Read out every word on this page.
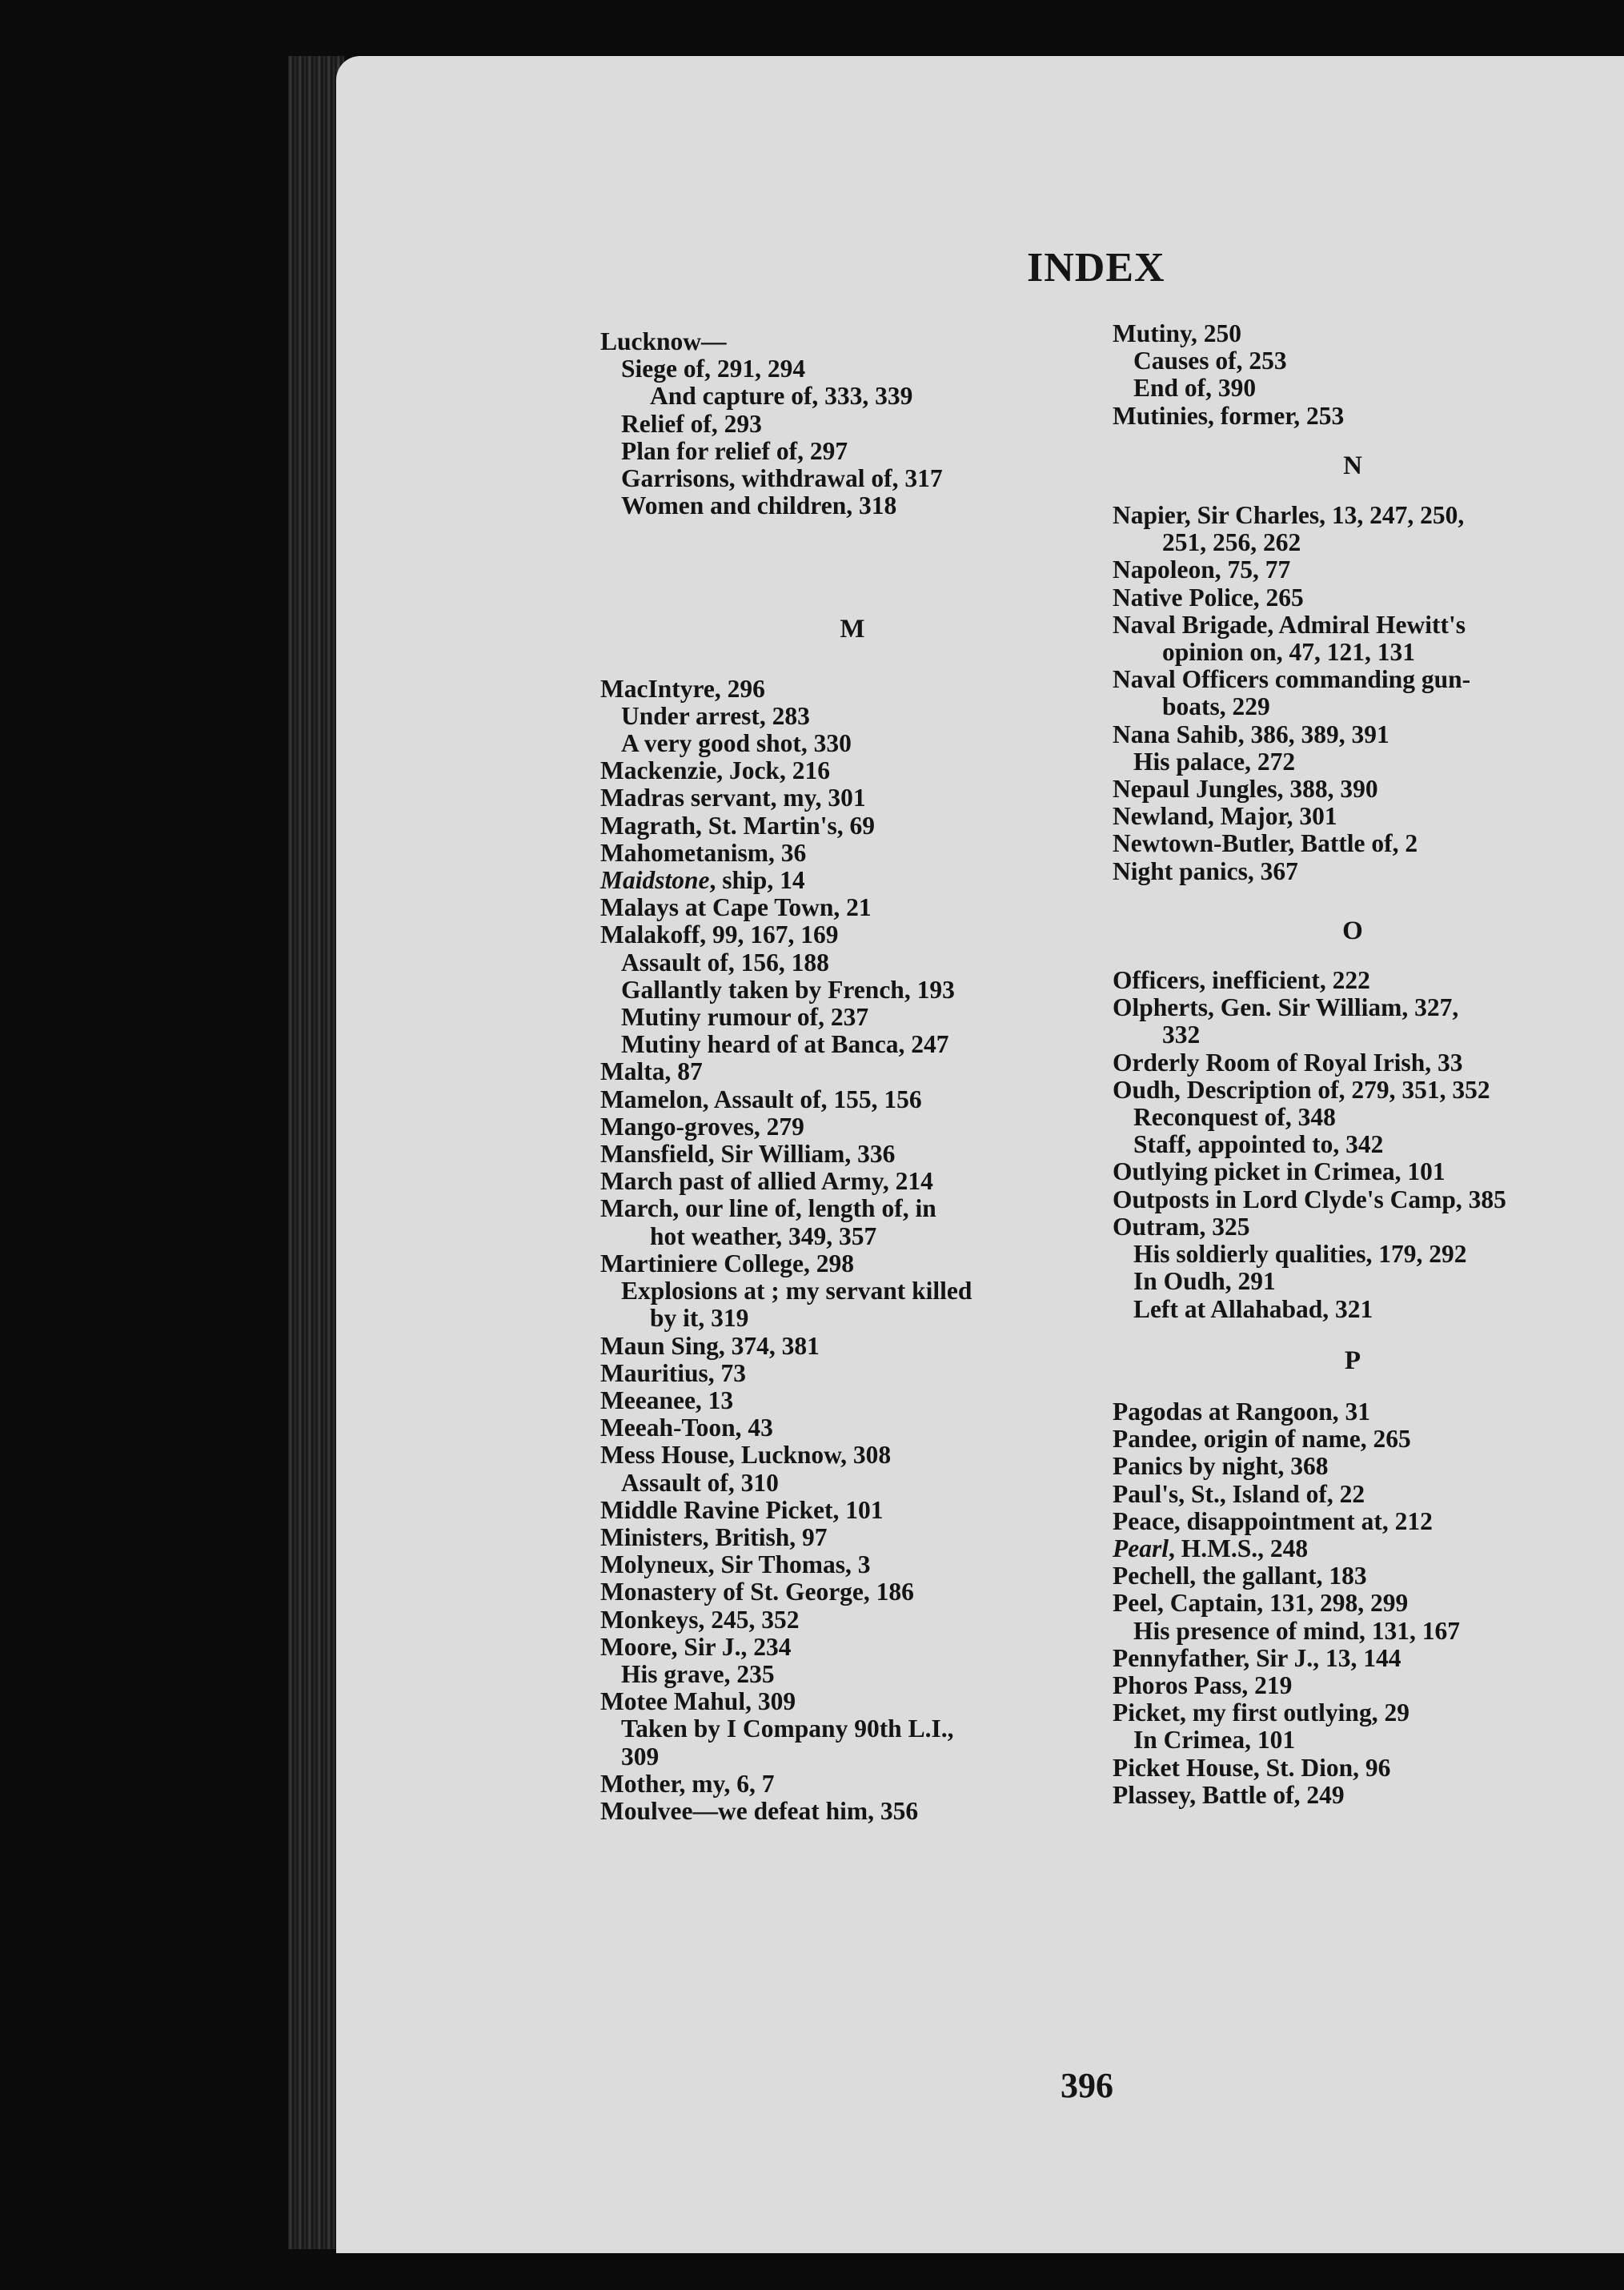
INDEX
Lucknow—
Siege of, 291, 294
And capture of, 333, 339
Relief of, 293
Plan for relief of, 297
Garrisons, withdrawal of, 317
Women and children, 318
M
MacIntyre, 296
Under arrest, 283
A very good shot, 330
Mackenzie, Jock, 216
Madras servant, my, 301
Magrath, St. Martin's, 69
Mahometanism, 36
Maidstone, ship, 14
Malays at Cape Town, 21
Malakoff, 99, 167, 169
Assault of, 156, 188
Gallantly taken by French, 193
Mutiny rumour of, 237
Mutiny heard of at Banca, 247
Malta, 87
Mamelon, Assault of, 155, 156
Mango-groves, 279
Mansfield, Sir William, 336
March past of allied Army, 214
March, our line of, length of, in
hot weather, 349, 357
Martiniere College, 298
Explosions at ; my servant killed
by it, 319
Maun Sing, 374, 381
Mauritius, 73
Meeanee, 13
Meeah-Toon, 43
Mess House, Lucknow, 308
Assault of, 310
Middle Ravine Picket, 101
Ministers, British, 97
Molyneux, Sir Thomas, 3
Monastery of St. George, 186
Monkeys, 245, 352
Moore, Sir J., 234
His grave, 235
Motee Mahul, 309
Taken by I Company 90th L.I.,
309
Mother, my, 6, 7
Moulvee—we defeat him, 356
Mutiny, 250
Causes of, 253
End of, 390
Mutinies, former, 253
N
Napier, Sir Charles, 13, 247, 250,
251, 256, 262
Napoleon, 75, 77
Native Police, 265
Naval Brigade, Admiral Hewitt's
opinion on, 47, 121, 131
Naval Officers commanding gun-
boats, 229
Nana Sahib, 386, 389, 391
His palace, 272
Nepaul Jungles, 388, 390
Newland, Major, 301
Newtown-Butler, Battle of, 2
Night panics, 367
O
Officers, inefficient, 222
Olpherts, Gen. Sir William, 327,
332
Orderly Room of Royal Irish, 33
Oudh, Description of, 279, 351, 352
Reconquest of, 348
Staff, appointed to, 342
Outlying picket in Crimea, 101
Outposts in Lord Clyde's Camp, 385
Outram, 325
His soldierly qualities, 179, 292
In Oudh, 291
Left at Allahabad, 321
P
Pagodas at Rangoon, 31
Pandee, origin of name, 265
Panics by night, 368
Paul's, St., Island of, 22
Peace, disappointment at, 212
Pearl, H.M.S., 248
Pechell, the gallant, 183
Peel, Captain, 131, 298, 299
His presence of mind, 131, 167
Pennyfather, Sir J., 13, 144
Phoros Pass, 219
Picket, my first outlying, 29
In Crimea, 101
Picket House, St. Dion, 96
Plassey, Battle of, 249
396
